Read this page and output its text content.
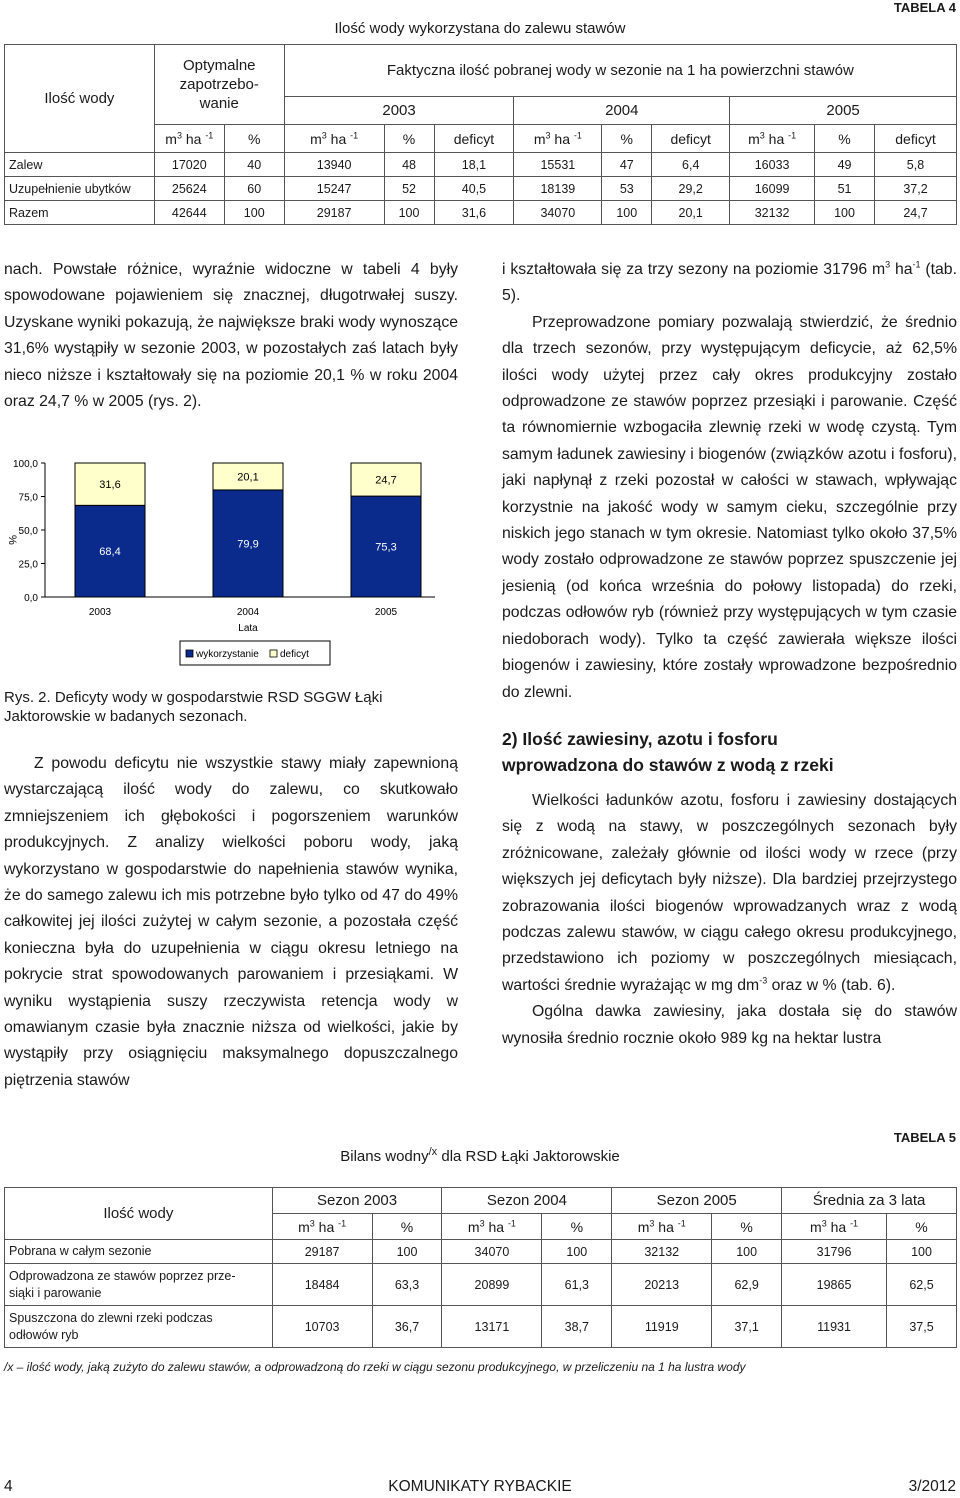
Ilość wody wykorzystana do zalewu stawów
TABELA 4
Ilość wody	Optymalne zapotrzebo-
wanie		Faktyczna ilość pobranej wody w sezonie na 1 ha powierzchni stawów								
			2003			2004			2005		
	$m^3$ ha $^{-1}$	%	$m^3$ ha $^{-1}$	%	deficyt	$m^3$ ha $^{-1}$	%	deficyt	$m^3$ ha $^{-1}$	%	deficyt
Zalew	17020	40	13940	48	18,1	15531	47	6,4	16033	49	5,8
Uzupełnienie ubytków	25624	60	15247	52	40,5	18139	53	29,2	16099	51	37,2
Razem	42644	100	29187	100	31,6	34070	100	20,1	32132	100	24,7

nach. Powstałe różnice, wyraźnie widoczne w tabeli 4 były spowodowane pojawieniem się znacznej, długotrwałej suszy. Uzyskane wyniki pokazują, że największe braki wody wynoszące 31,6% wystąpiły w sezonie 2003, w pozostałych zaś latach były nieco niższe i kształtowały się na poziomie 20,1 % w roku 2004 oraz 24,7 % w 2005 (rys. 2).

0,0
25,0
50,0
75,0
100,0
%
68,4
31,6
2003
79,9
20,1
2004
75,3
24,7
2005
Lata
wykorzystanie deficyt
Rys. 2. Deficyty wody w gospodarstwie RSD SGGW Łąki Jaktorowskie w badanych sezonach.

Z powodu deficytu nie wszystkie stawy miały zapewnioną wystarczającą ilość wody do zalewu, co skutkowało zmniejszeniem ich głębokości i pogorszeniem warunków produkcyjnych. Z analizy wielkości poboru wody, jaką wykorzystano w gospodarstwie do napełnienia stawów wynika, że do samego zalewu ich mis potrzebne było tylko od 47 do 49% całkowitej jej ilości zużytej w całym sezonie, a pozostała część konieczna była do uzupełnienia w ciągu okresu letniego na pokrycie strat spowodowanych parowaniem i przesiąkami. W wyniku wystąpienia suszy rzeczywista retencja wody w omawianym czasie była znacznie niższa od wielkości, jakie by wystąpiły przy osiągnięciu maksymalnego dopuszczalnego piętrzenia stawów

i kształtowała się za trzy sezony na poziomie 31796 $m^3$ $ha^{-1}$ (tab. 5).

Przeprowadzone pomiary pozwalają stwierdzić, że średnio dla trzech sezonów, przy występującym deficycie, aż 62,5% ilości wody użytej przez cały okres produkcyjny zostało odprowadzone ze stawów poprzez przesiąki i parowanie. Część ta równomiernie wzbogaciła zlewnię rzeki w wodę czystą. Tym samym ładunek zawiesiny i biogenów (związków azotu i fosforu), jaki napłynął z rzeki pozostał w całości w stawach, wpływając korzystnie na jakość wody w samym cieku, szczególnie przy niskich jego stanach w tym okresie. Natomiast tylko około 37,5% wody zostało odprowadzone ze stawów poprzez spuszczenie jej jesienią (od końca września do połowy listopada) do rzeki, podczas odłowów ryb (również przy występujących w tym czasie niedoborach wody). Tylko ta część zawierała większe ilości biogenów i zawiesiny, które zostały wprowadzone bezpośrednio do zlewni.

2) Ilość zawiesiny, azotu i fosforu
wprowadzona do stawów z wodą z rzeki

Wielkości ładunków azotu, fosforu i zawiesiny dostających się z wodą na stawy, w poszczególnych sezonach były zróżnicowane, zależały głównie od ilości wody w rzece (przy większych jej deficytach były niższe). Dla bardziej przejrzystego zobrazowania ilości biogenów wprowadzanych wraz z wodą podczas zalewu stawów, w ciągu całego okresu produkcyjnego, przedstawiono ich poziomy w poszczególnych miesiącach, wartości średnie wyrażając w mg $dm^{-3}$ oraz w % (tab. 6).

Ogólna dawka zawiesiny, jaka dostała się do stawów wynosiła średnio rocznie około 989 kg na hektar lustra

TABELA 5
Bilans wodny$^{/x}$ dla RSD Łąki Jaktorowskie
Ilość wody	Sezon 2003		Sezon 2004		Sezon 2005		Średnia za 3 lata	
	$m^3$ ha $^{-1}$	%	$m^3$ ha $^{-1}$	%	$m^3$ ha $^{-1}$	%	$m^3$ ha $^{-1}$	%
Pobrana w całym sezonie	29187	100	34070	100	32132	100	31796	100
Odprowadzona ze stawów poprzez prze-
siąki i parowanie	18484	63,3	20899	61,3	20213	62,9	19865	62,5
Spuszczona do zlewni rzeki podczas
odłowów ryb	10703	36,7	13171	38,7	11919	37,1	11931	37,5
/x – ilość wody, jaką zużyto do zalewu stawów, a odprowadzoną do rzeki w ciągu sezonu produkcyjnego, w przeliczeniu na 1 ha lustra wody
4	KOMUNIKATY RYBACKIE	3/2012
